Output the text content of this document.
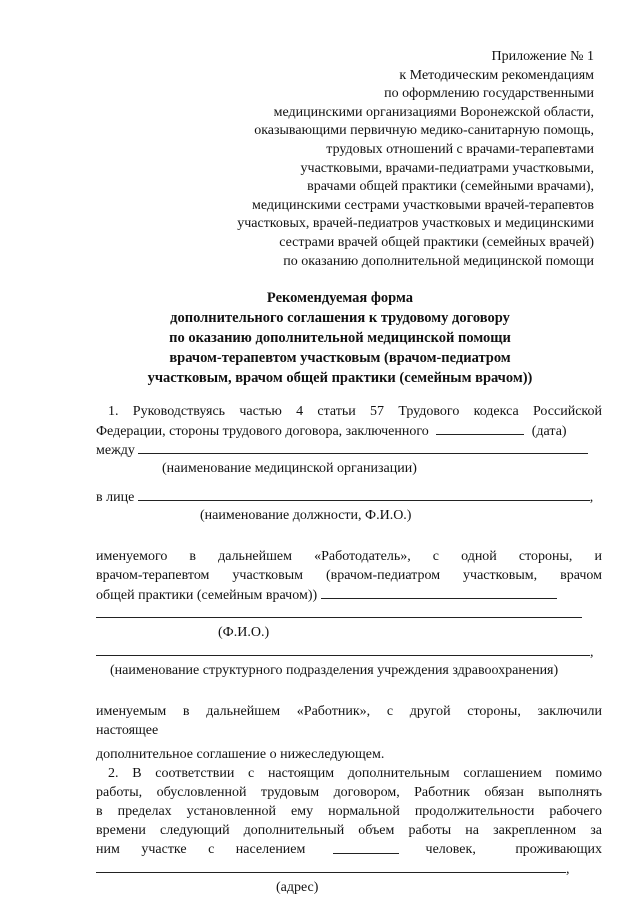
Приложение № 1
к Методическим рекомендациям
по оформлению государственными
медицинскими организациями Воронежской области,
оказывающими первичную медико-санитарную помощь,
трудовых отношений с врачами-терапевтами
участковыми, врачами-педиатрами участковыми,
врачами общей практики (семейными врачами),
медицинскими сестрами участковыми врачей-терапевтов
участковых, врачей-педиатров участковых и медицинскими
сестрами врачей общей практики (семейных врачей)
по оказанию дополнительной медицинской помощи
Рекомендуемая форма
дополнительного соглашения к трудовому договору
по оказанию дополнительной медицинской помощи
врачом-терапевтом участковым (врачом-педиатром
участковым, врачом общей практики (семейным врачом))
1. Руководствуясь частью 4 статьи 57 Трудового кодекса Российской
Федерации, стороны трудового договора, заключенного	(дата)
между
(наименование медицинской организации)
в лице	,
(наименование должности, Ф.И.О.)
именуемого в дальнейшем «Работодатель», с одной стороны, и
врачом-терапевтом участковым (врачом-педиатром участковым, врачом
общей практики (семейным врачом))
(Ф.И.О.)
,
(наименование структурного подразделения учреждения здравоохранения)
именуемым в дальнейшем «Работник», с другой стороны, заключили
настоящее
дополнительное соглашение о нижеследующем.
2. В соответствии с настоящим дополнительным соглашением помимо
работы, обусловленной трудовым договором, Работник обязан выполнять
в пределах установленной ему нормальной продолжительности рабочего
времени следующий дополнительный объем работы на закрепленном за
ним участке с населением	человек, проживающих
,
(адрес)
